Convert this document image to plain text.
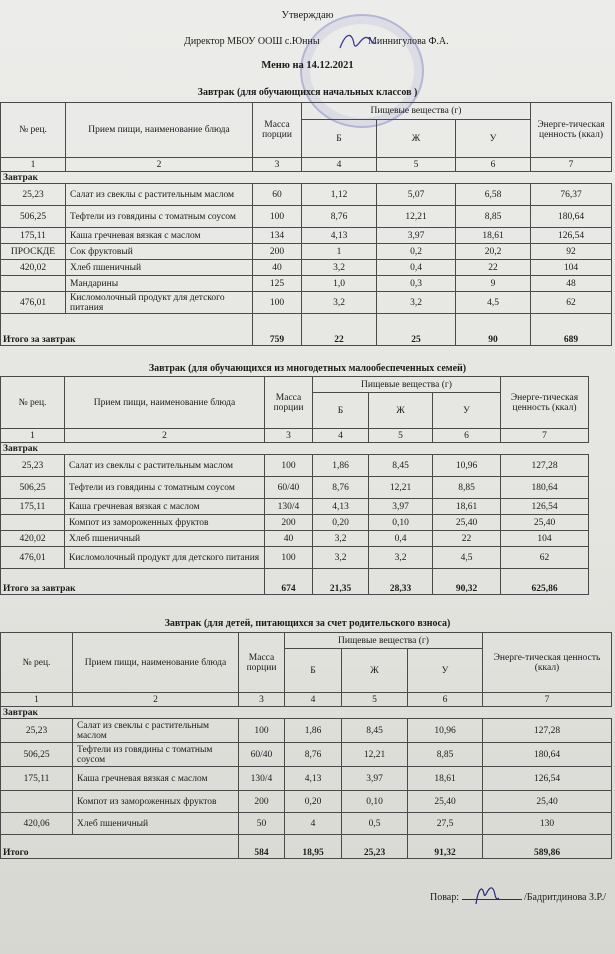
Утверждаю
Директор МБОУ ООШ с.Юнны	Миннигулова Ф.А.
Меню на 14.12.2021
Завтрак (для обучающихся начальных классов )
№ рец.	Прием пищи, наименование блюда	Масса порции	Пищевые вещества (г)			Энерге-тическая ценность (ккал)
			Б	Ж	У	
1	2	3	4	5	6	7
Завтрак						
25,23	Салат из свеклы с растительным маслом	60	1,12	5,07	6,58	76,37
506,25	Тефтели из говядины с томатным соусом	100	8,76	12,21	8,85	180,64
175,11	Каша гречневая вязкая с маслом	134	4,13	3,97	18,61	126,54
ПРОСКДЕ	Сок фруктовый	200	1	0,2	20,2	92
420,02	Хлеб пшеничный	40	3,2	0,4	22	104
	Мандарины	125	1,0	0,3	9	48
476,01	Кисломолочный продукт для детского питания	100	3,2	3,2	4,5	62
Итого за завтрак		759	22	25	90	689
Завтрак (для обучающихся из многодетных малообеспеченных семей)
№ рец.	Прием пищи, наименование блюда	Масса порции	Пищевые вещества (г)			Энерге-тическая ценность (ккал)
			Б	Ж	У	
1	2	3	4	5	6	7
Завтрак						
25,23	Салат из свеклы с растительным маслом	100	1,86	8,45	10,96	127,28
506,25	Тефтели из говядины с томатным соусом	60/40	8,76	12,21	8,85	180,64
175,11	Каша гречневая вязкая с маслом	130/4	4,13	3,97	18,61	126,54
	Компот из замороженных фруктов	200	0,20	0,10	25,40	25,40
420,02	Хлеб пшеничный	40	3,2	0,4	22	104
476,01	Кисломолочный продукт для детского питания	100	3,2	3,2	4,5	62
Итого за завтрак		674	21,35	28,33	90,32	625,86
Завтрак (для детей, питающихся за счет родительского взноса)
№ рец.	Прием пищи, наименование блюда	Масса порции	Пищевые вещества (г)			Энерге-тическая ценность (ккал)
			Б	Ж	У	
1	2	3	4	5	6	7
Завтрак						
25,23	Салат из свеклы с растительным маслом	100	1,86	8,45	10,96	127,28
506,25	Тефтели из говядины с томатным соусом	60/40	8,76	12,21	8,85	180,64
175,11	Каша гречневая вязкая с маслом	130/4	4,13	3,97	18,61	126,54
	Компот из замороженных фруктов	200	0,20	0,10	25,40	25,40
420,06	Хлеб пшеничный	50	4	0,5	27,5	130
Итого		584	18,95	25,23	91,32	589,86
Повар:	/Бадритдинова З.Р./
